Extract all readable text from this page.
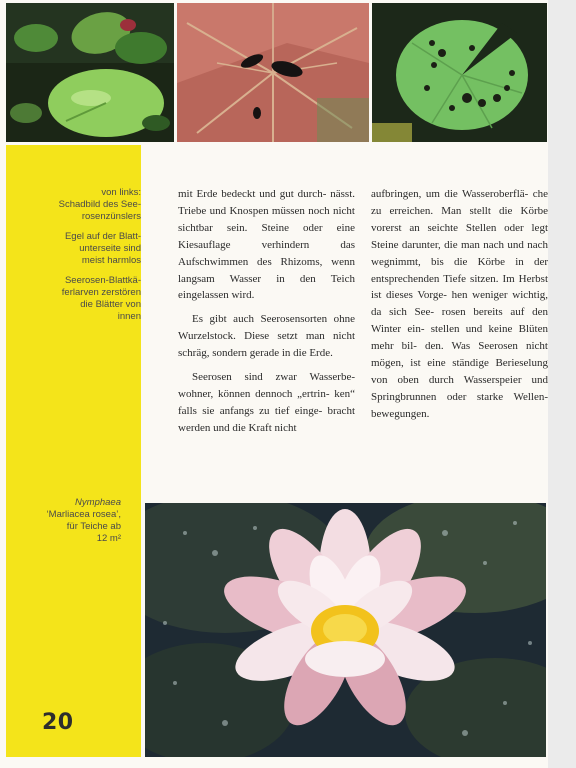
von links:
Schadbild des See-
rosenzünslers
Egel auf der Blatt-
unterseite sind
meist harmlos
Seerosen-Blattkä-
ferlarven zerstören
die Blätter von
innen
Nymphaea
‘Marliacea rosea’,
für Teiche ab
12 m²
20

mit Erde bedeckt und gut durch- nässt. Triebe und Knospen müssen noch nicht sichtbar sein. Steine oder eine Kiesauflage verhindern das Aufschwimmen des Rhizoms, wenn langsam Wasser in den Teich eingelassen wird.

Es gibt auch Seerosensorten ohne Wurzelstock. Diese setzt man nicht schräg, sondern gerade in die Erde.

Seerosen sind zwar Wasserbe- wohner, können dennoch „ertrin- ken“ falls sie anfangs zu tief einge- bracht werden und die Kraft nicht

aufbringen, um die Wasseroberflä- che zu erreichen. Man stellt die Körbe vorerst an seichte Stellen oder legt Steine darunter, die man nach und nach wegnimmt, bis die Körbe in der entsprechenden Tiefe sitzen. Im Herbst ist dieses Vorge- hen weniger wichtig, da sich See- rosen bereits auf den Winter ein- stellen und keine Blüten mehr bil- den. Was Seerosen nicht mögen, ist eine ständige Berieselung von oben durch Wasserspeier und Springbrunnen oder starke Wellen- bewegungen.
